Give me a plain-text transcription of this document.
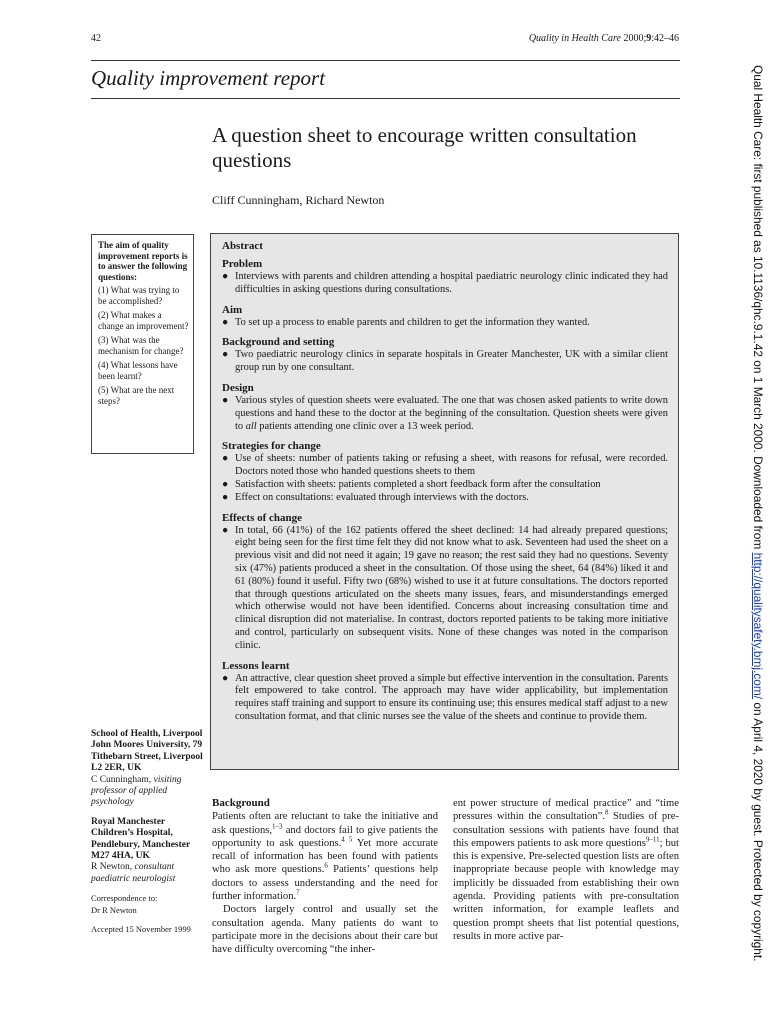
42	Quality in Health Care 2000;9:42–46
Quality improvement report
A question sheet to encourage written consultation questions
Cliff Cunningham, Richard Newton
The aim of quality improvement reports is to answer the following questions:
(1) What was trying to be accomplished?
(2) What makes a change an improvement?
(3) What was the mechanism for change?
(4) What lessons have been learnt?
(5) What are the next steps?
Abstract
Problem
● Interviews with parents and children attending a hospital paediatric neurology clinic indicated they had difficulties in asking questions during consultations.
Aim
● To set up a process to enable parents and children to get the information they wanted.
Background and setting
● Two paediatric neurology clinics in separate hospitals in Greater Manchester, UK with a similar client group run by one consultant.
Design
● Various styles of question sheets were evaluated. The one that was chosen asked patients to write down questions and hand these to the doctor at the beginning of the consultation. Question sheets were given to all patients attending one clinic over a 13 week period.
Strategies for change
● Use of sheets: number of patients taking or refusing a sheet, with reasons for refusal, were recorded. Doctors noted those who handed questions sheets to them
● Satisfaction with sheets: patients completed a short feedback form after the consultation
● Effect on consultations: evaluated through interviews with the doctors.
Effects of change
● In total, 66 (41%) of the 162 patients offered the sheet declined: 14 had already prepared questions; eight being seen for the first time felt they did not know what to ask. Seventeen had used the sheet on a previous visit and did not need it again; 19 gave no reason; the rest said they had no questions. Seventy six (47%) patients produced a sheet in the consultation. Of those using the sheet, 64 (84%) liked it and 61 (80%) found it useful. Fifty two (68%) wished to use it at future consultations. The doctors reported that through questions articulated on the sheets many issues, fears, and misunderstandings emerged which otherwise would not have been identified. Concerns about increasing consultation time and clinical disruption did not materialise. In contrast, doctors reported patients to be taking more initiative and control, particularly on subsequent visits. None of these changes was noted in the comparison clinic.
Lessons learnt
● An attractive, clear question sheet proved a simple but effective intervention in the consultation. Parents felt empowered to take control. The approach may have wider applicability, but implementation requires staff training and support to ensure its continuing use; this ensures medical staff adjust to a new consultation format, and that clinic nurses see the value of the sheets and continue to provide them.
School of Health, Liverpool John Moores University, 79 Tithebarn Street, Liverpool L2 2ER, UK
C Cunningham, visiting professor of applied psychology
Royal Manchester Children’s Hospital, Pendlebury, Manchester M27 4HA, UK
R Newton, consultant paediatric neurologist
Correspondence to:
Dr R Newton
Accepted 15 November 1999
Background

Patients often are reluctant to take the initiative and ask questions,$^{1-3}$ and doctors fail to give patients the opportunity to ask questions.$^{4 5}$ Yet more accurate recall of information has been found with patients who ask more questions.$^6$ Patients’ questions help doctors to assess understanding and the need for further information.$^7$

Doctors largely control and usually set the consultation agenda. Many patients do want to participate more in the decisions about their care but have difficulty overcoming “the inher-

ent power structure of medical practice” and “time pressures within the consultation”.$^8$ Studies of pre-consultation sessions with patients have found that this empowers patients to ask more questions$^{9-11}$; but this is expensive. Pre-selected question lists are often inappropriate because people with knowledge may implicitly be dissuaded from establishing their own agenda. Providing patients with pre-consultation written information, for example leaflets and question prompt sheets that list potential questions, results in more active par-

Qual Health Care: first published as 10.1136/qhc.9.1.42 on 1 March 2000. Downloaded from http://qualitysafety.bmj.com/ on April 4, 2020 by guest. Protected by copyright.
